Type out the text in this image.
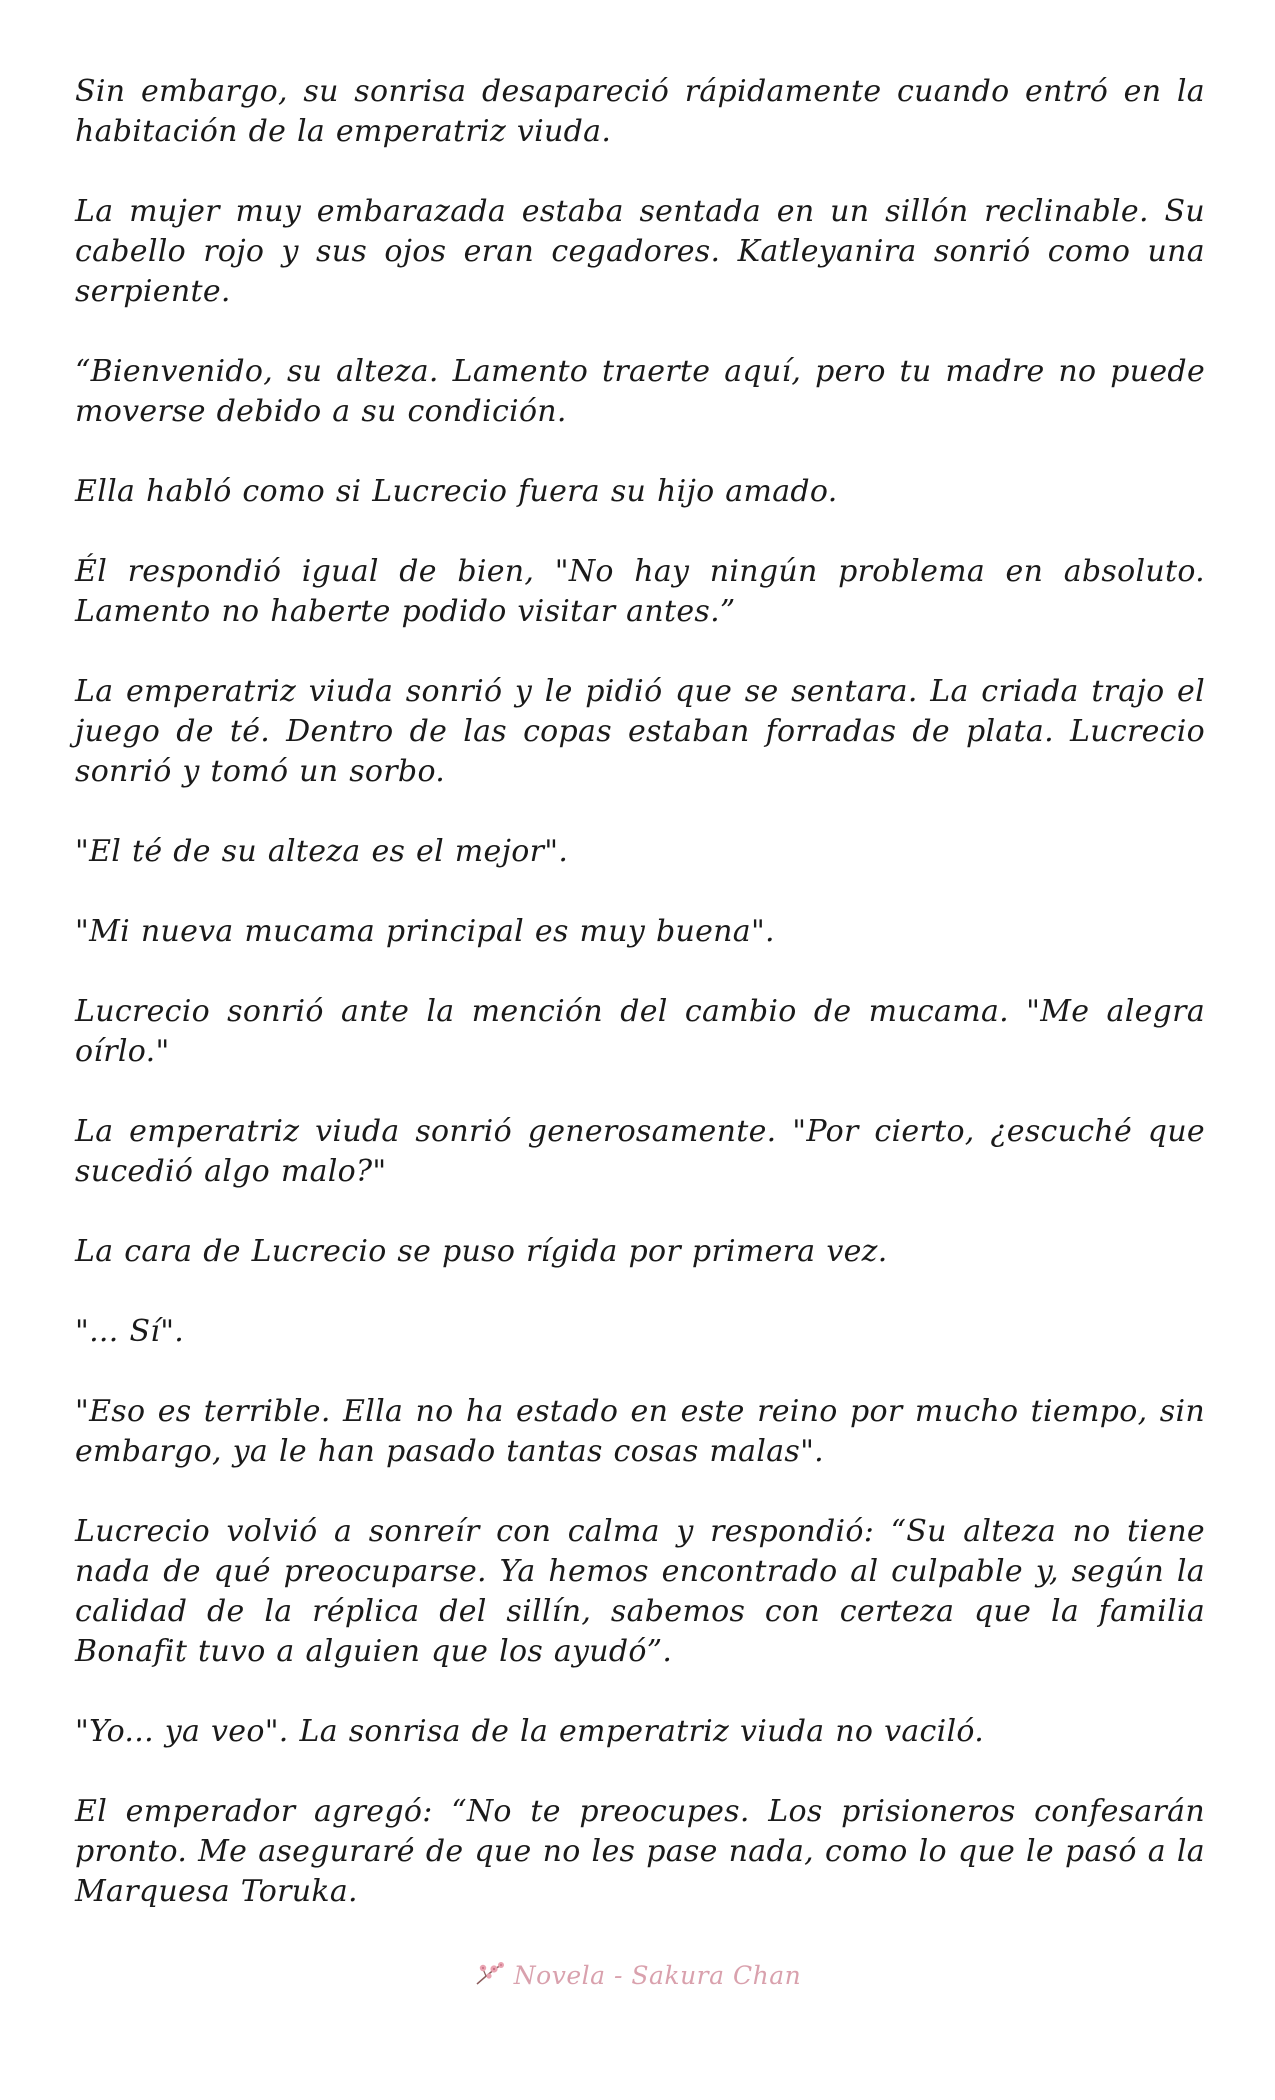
Sin embargo, su sonrisa desapareció rápidamente cuando entró en la habitación de la emperatriz viuda.

La mujer muy embarazada estaba sentada en un sillón reclinable. Su cabello rojo y sus ojos eran cegadores. Katleyanira sonrió como una serpiente.

“Bienvenido, su alteza. Lamento traerte aquí, pero tu madre no puede moverse debido a su condición.

Ella habló como si Lucrecio fuera su hijo amado.

Él respondió igual de bien, "No hay ningún problema en absoluto. Lamento no haberte podido visitar antes.”

La emperatriz viuda sonrió y le pidió que se sentara. La criada trajo el juego de té. Dentro de las copas estaban forradas de plata. Lucrecio sonrió y tomó un sorbo.

"El té de su alteza es el mejor".

"Mi nueva mucama principal es muy buena".

Lucrecio sonrió ante la mención del cambio de mucama. "Me alegra oírlo."

La emperatriz viuda sonrió generosamente. "Por cierto, ¿escuché que sucedió algo malo?"

La cara de Lucrecio se puso rígida por primera vez.

"... Sí".

"Eso es terrible. Ella no ha estado en este reino por mucho tiempo, sin embargo, ya le han pasado tantas cosas malas".

Lucrecio volvió a sonreír con calma y respondió: “Su alteza no tiene nada de qué preocuparse. Ya hemos encontrado al culpable y, según la calidad de la réplica del sillín, sabemos con certeza que la familia Bonafit tuvo a alguien que los ayudó”.

"Yo... ya veo". La sonrisa de la emperatriz viuda no vaciló.

El emperador agregó: “No te preocupes. Los prisioneros confesarán pronto. Me aseguraré de que no les pase nada, como lo que le pasó a la Marquesa Toruka.

Novela - Sakura Chan
